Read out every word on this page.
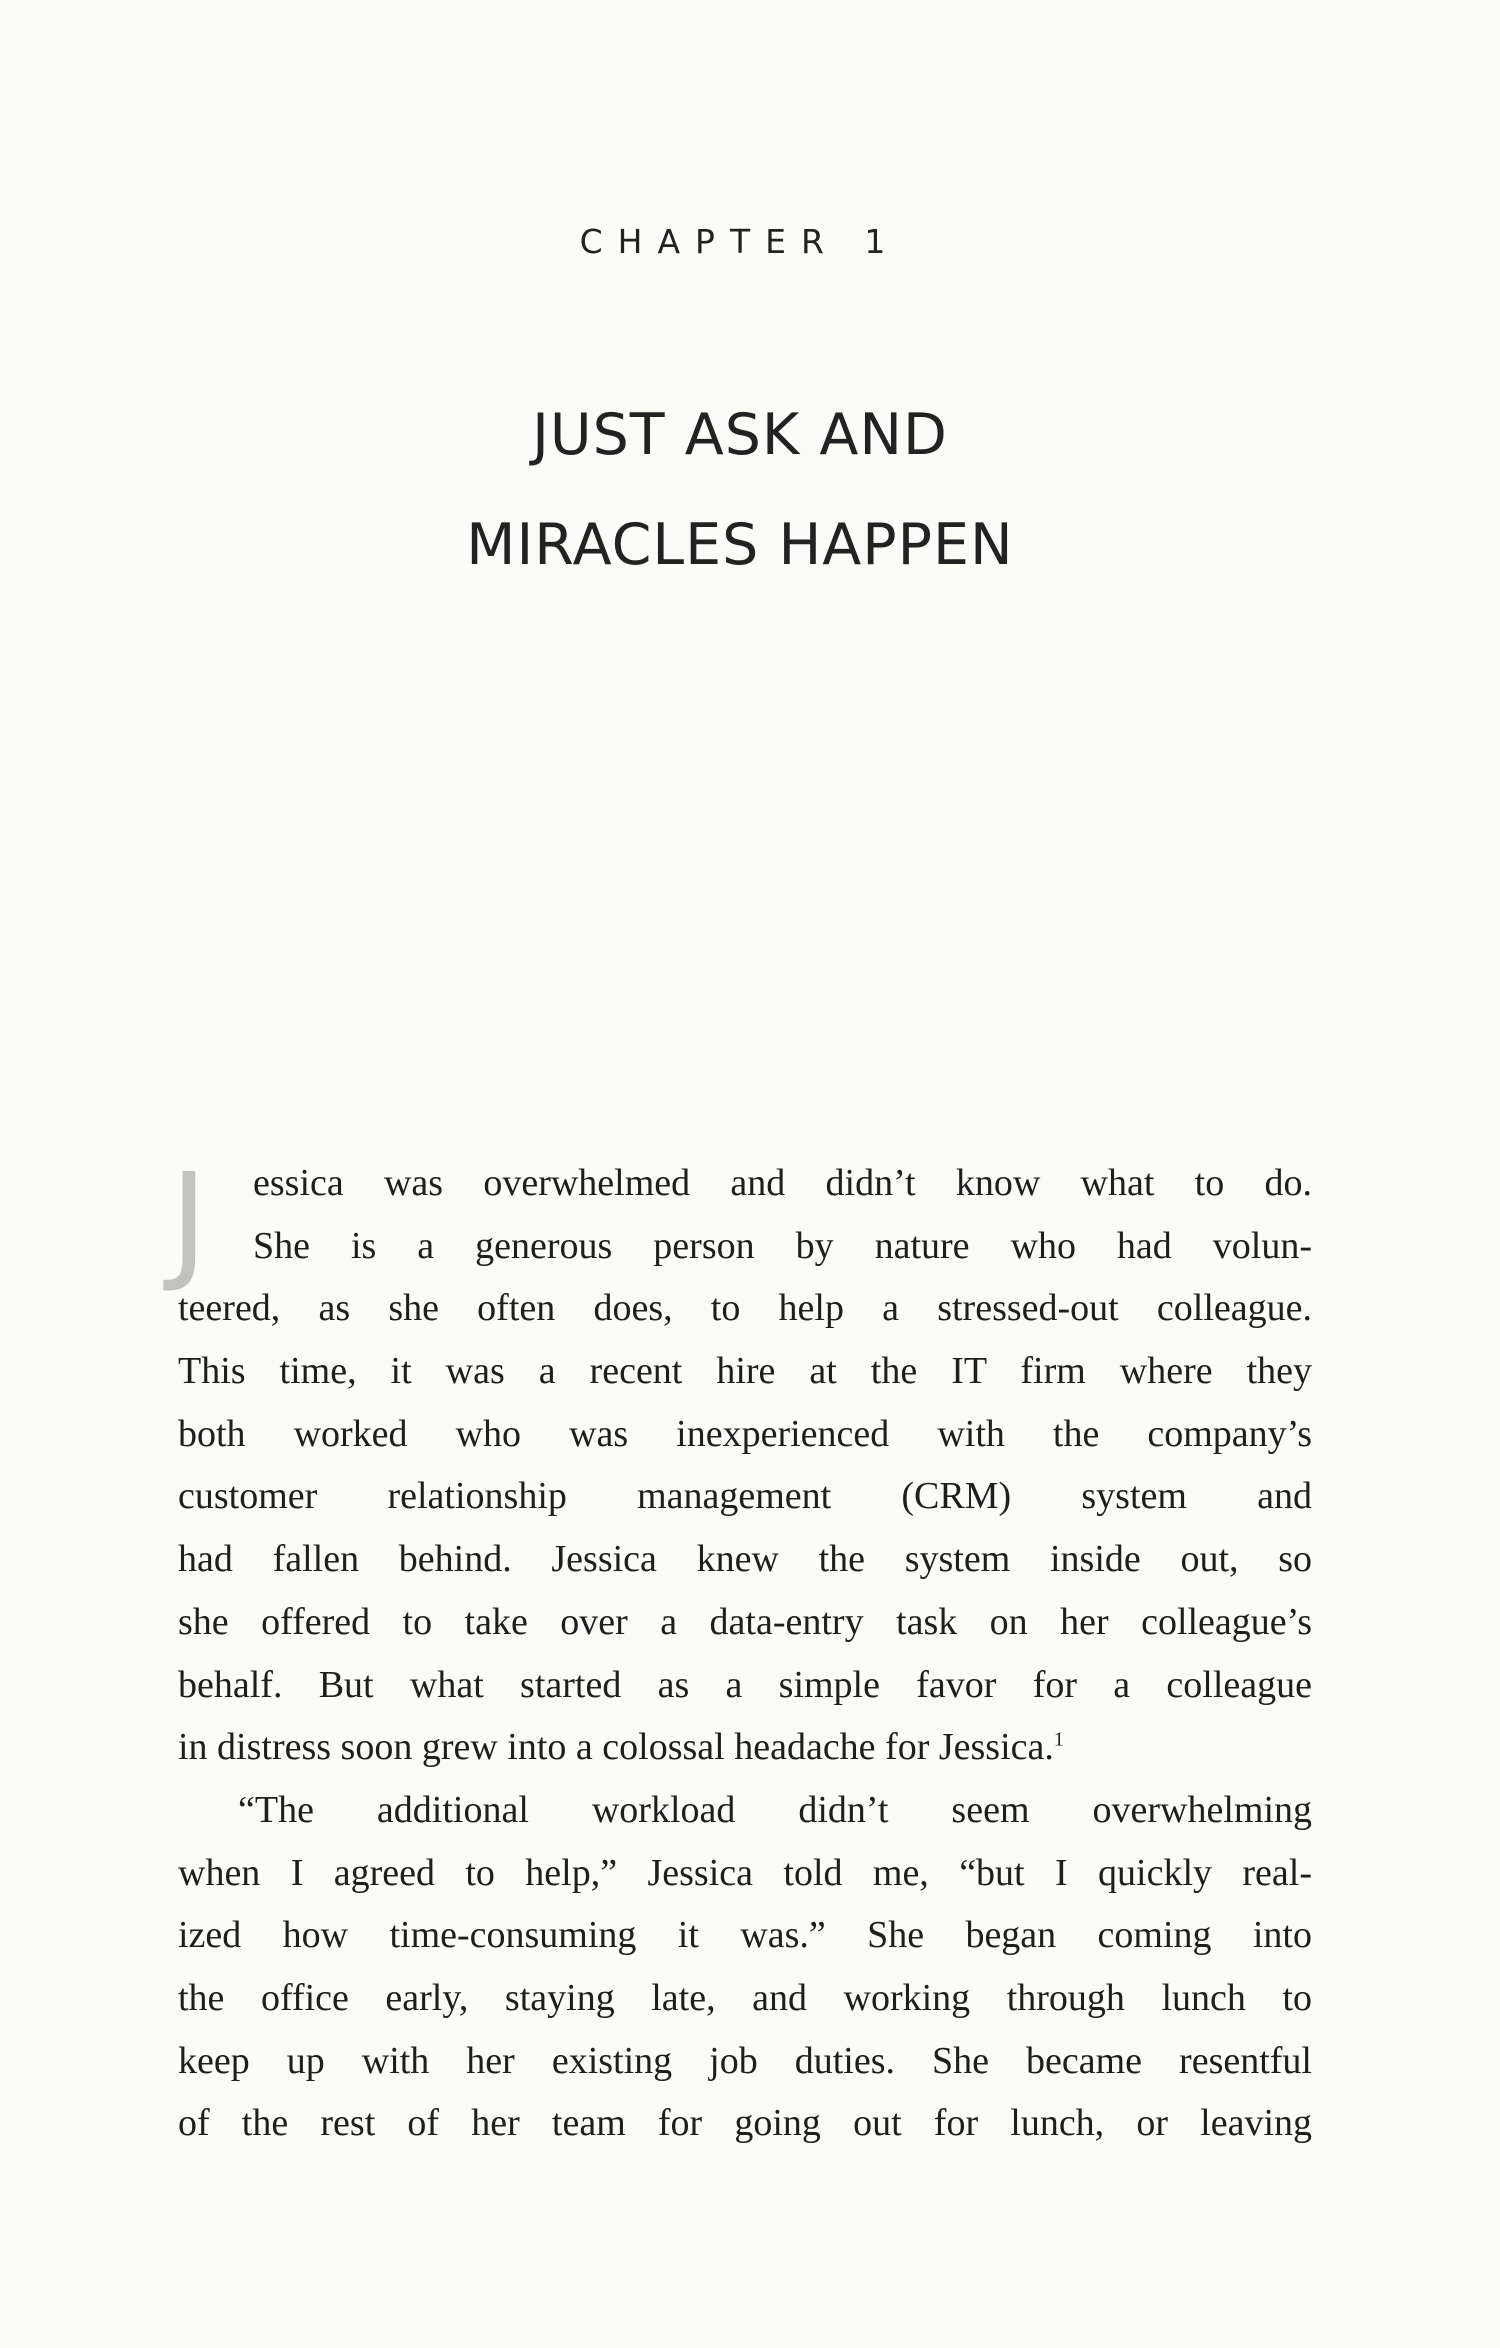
CHAPTER 1
JUST ASK AND
MIRACLES HAPPEN
J	essica was overwhelmed and didn’t know what to do.
She is a generous person by nature who had volun-
teered, as she often does, to help a stressed-out colleague.
This time, it was a recent hire at the IT firm where they
both worked who was inexperienced with the company’s
customer relationship management (CRM) system and
had fallen behind. Jessica knew the system inside out, so
she offered to take over a data-entry task on her colleague’s
behalf. But what started as a simple favor for a colleague
in distress soon grew into a colossal headache for Jessica.$^1$
“The additional workload didn’t seem overwhelming
when I agreed to help,” Jessica told me, “but I quickly real-
ized how time-consuming it was.” She began coming into
the office early, staying late, and working through lunch to
keep up with her existing job duties. She became resentful
of the rest of her team for going out for lunch, or leaving
